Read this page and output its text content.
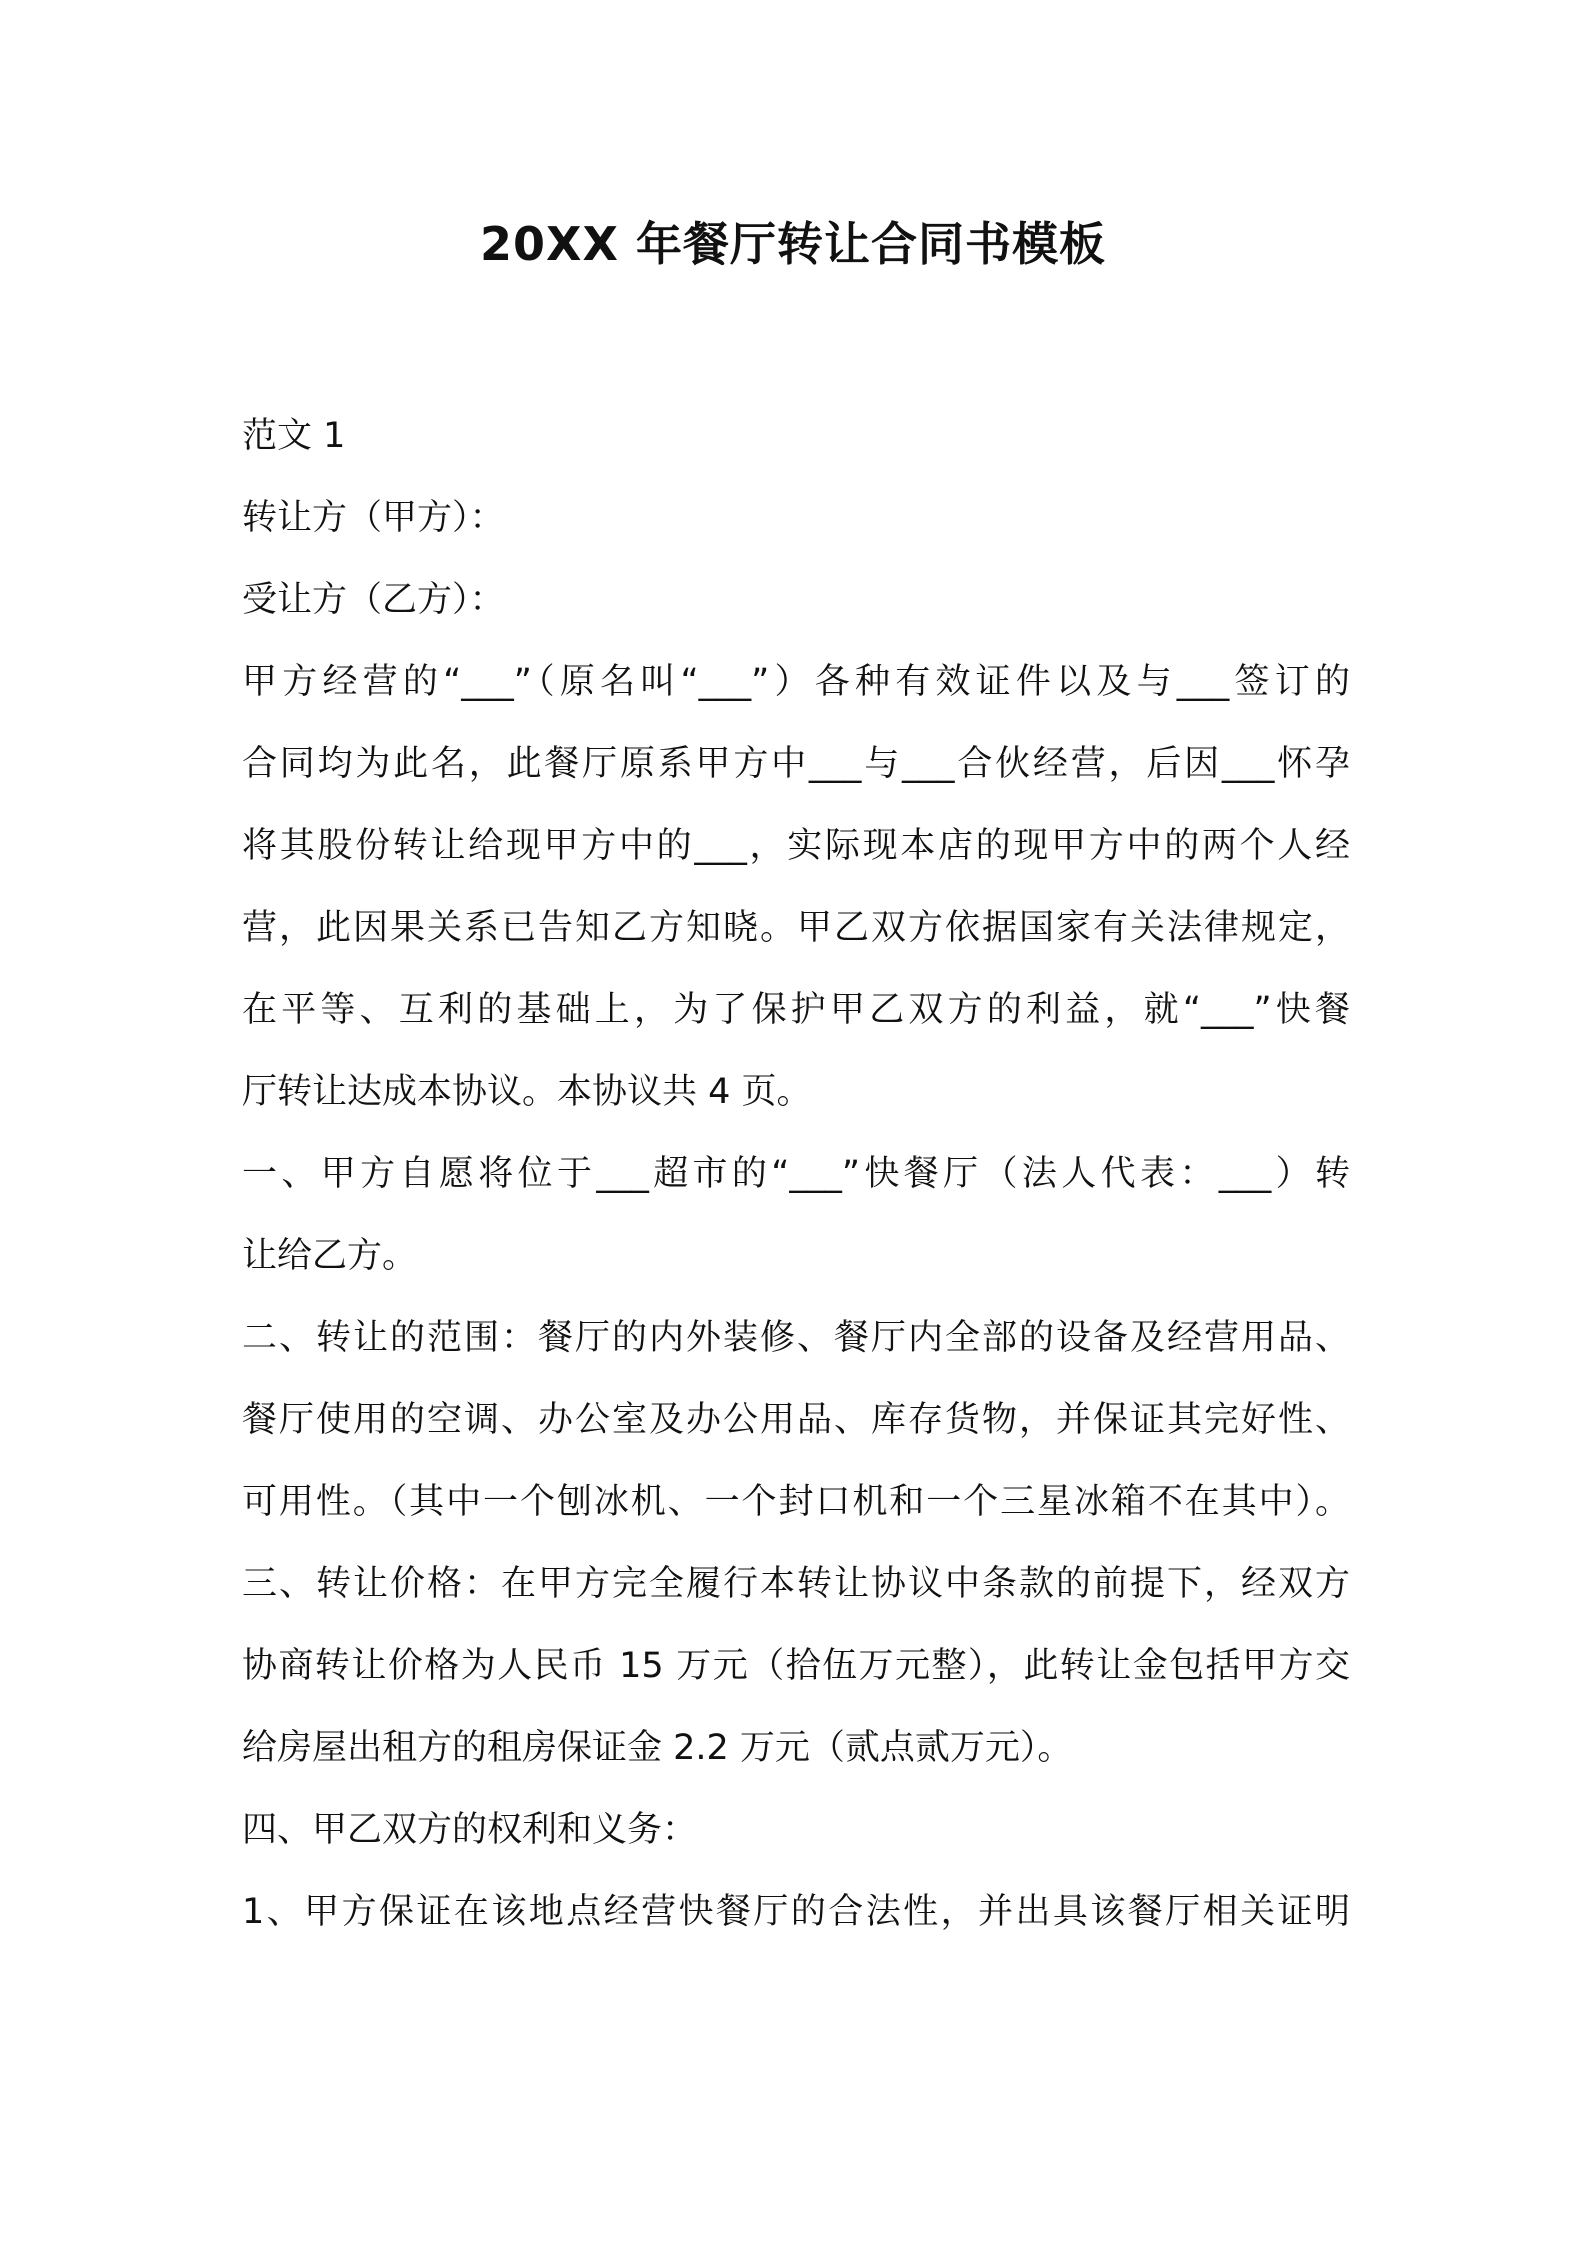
20XX 年餐厅转让合同书模板
范文 1
转让方（甲方）：
受让方（乙方）：
甲方经营的“___”（原名叫“___”）各种有效证件以及与___签订的
合同均为此名，此餐厅原系甲方中___与___合伙经营，后因___怀孕
将其股份转让给现甲方中的___，实际现本店的现甲方中的两个人经
营，此因果关系已告知乙方知晓。甲乙双方依据国家有关法律规定，
在平等、互利的基础上，为了保护甲乙双方的利益，就“___”快餐
厅转让达成本协议。本协议共 4 页。
一、甲方自愿将位于___超市的“___”快餐厅（法人代表：___）转
让给乙方。
二、转让的范围：餐厅的内外装修、餐厅内全部的设备及经营用品、
餐厅使用的空调、办公室及办公用品、库存货物，并保证其完好性、
可用性。（其中一个刨冰机、一个封口机和一个三星冰箱不在其中）。
三、转让价格：在甲方完全履行本转让协议中条款的前提下，经双方
协商转让价格为人民币 15 万元（拾伍万元整），此转让金包括甲方交
给房屋出租方的租房保证金 2.2 万元（贰点贰万元）。
四、甲乙双方的权利和义务：
1、甲方保证在该地点经营快餐厅的合法性，并出具该餐厅相关证明
